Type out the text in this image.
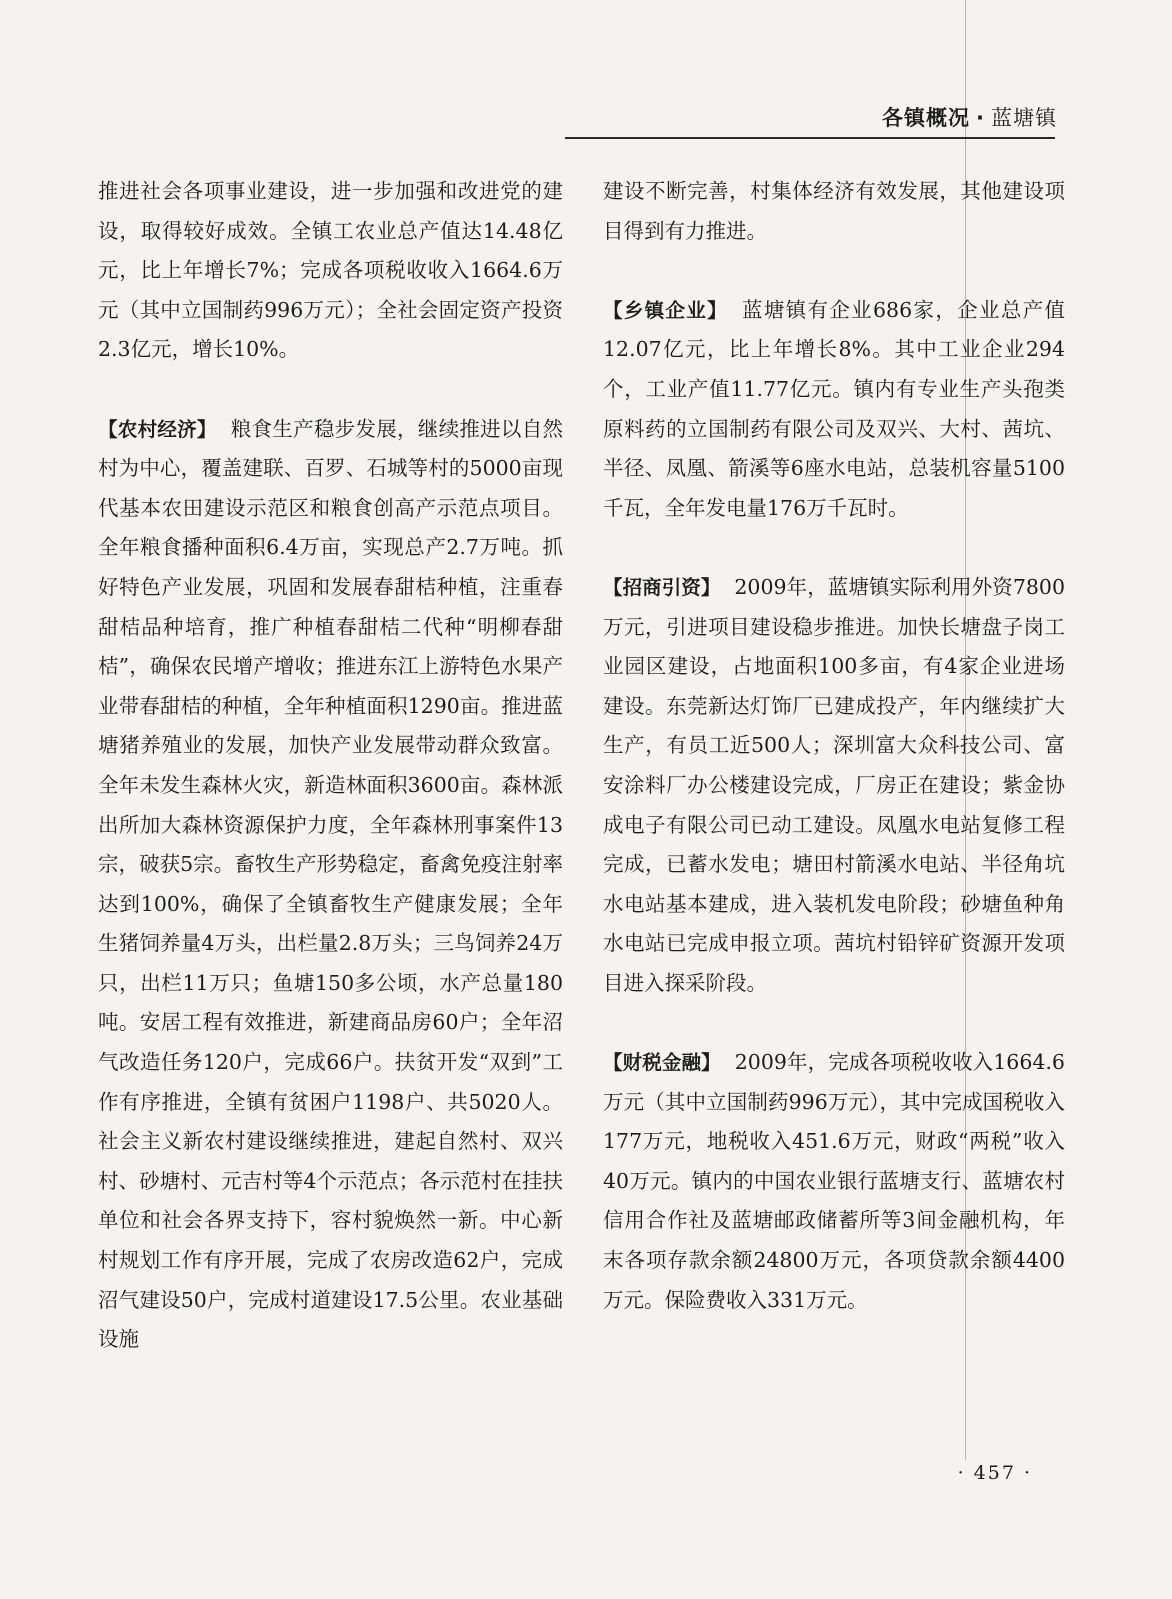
各镇概况 · 蓝塘镇

推进社会各项事业建设，进一步加强和改进党的建设，取得较好成效。全镇工农业总产值达14.48亿元，比上年增长7%；完成各项税收收入1664.6万元（其中立国制药996万元）；全社会固定资产投资2.3亿元，增长10%。

【农村经济】 粮食生产稳步发展，继续推进以自然村为中心，覆盖建联、百罗、石城等村的5000亩现代基本农田建设示范区和粮食创高产示范点项目。全年粮食播种面积6.4万亩，实现总产2.7万吨。抓好特色产业发展，巩固和发展春甜桔种植，注重春甜桔品种培育，推广种植春甜桔二代种“明柳春甜桔”，确保农民增产增收；推进东江上游特色水果产业带春甜桔的种植，全年种植面积1290亩。推进蓝塘猪养殖业的发展，加快产业发展带动群众致富。全年未发生森林火灾，新造林面积3600亩。森林派出所加大森林资源保护力度，全年森林刑事案件13宗，破获5宗。畜牧生产形势稳定，畜禽免疫注射率达到100%，确保了全镇畜牧生产健康发展；全年生猪饲养量4万头，出栏量2.8万头；三鸟饲养24万只，出栏11万只；鱼塘150多公顷，水产总量180吨。安居工程有效推进，新建商品房60户；全年沼气改造任务120户，完成66户。扶贫开发“双到”工作有序推进，全镇有贫困户1198户、共5020人。社会主义新农村建设继续推进，建起自然村、双兴村、砂塘村、元吉村等4个示范点；各示范村在挂扶单位和社会各界支持下，容村貌焕然一新。中心新村规划工作有序开展，完成了农房改造62户，完成沼气建设50户，完成村道建设17.5公里。农业基础设施

建设不断完善，村集体经济有效发展，其他建设项目得到有力推进。

【乡镇企业】 蓝塘镇有企业686家，企业总产值12.07亿元，比上年增长8%。其中工业企业294个，工业产值11.77亿元。镇内有专业生产头孢类原料药的立国制药有限公司及双兴、大村、茜坑、半径、凤凰、箭溪等6座水电站，总装机容量5100千瓦，全年发电量176万千瓦时。

【招商引资】 2009年，蓝塘镇实际利用外资7800万元，引进项目建设稳步推进。加快长塘盘子岗工业园区建设，占地面积100多亩，有4家企业进场建设。东莞新达灯饰厂已建成投产，年内继续扩大生产，有员工近500人；深圳富大众科技公司、富安涂料厂办公楼建设完成，厂房正在建设；紫金协成电子有限公司已动工建设。凤凰水电站复修工程完成，已蓄水发电；塘田村箭溪水电站、半径角坑水电站基本建成，进入装机发电阶段；砂塘鱼种角水电站已完成申报立项。茜坑村铅锌矿资源开发项目进入探采阶段。

【财税金融】 2009年，完成各项税收收入1664.6万元（其中立国制药996万元），其中完成国税收入177万元，地税收入451.6万元，财政“两税”收入40万元。镇内的中国农业银行蓝塘支行、蓝塘农村信用合作社及蓝塘邮政储蓄所等3间金融机构，年末各项存款余额24800万元，各项贷款余额4400万元。保险费收入331万元。

· 457 ·
